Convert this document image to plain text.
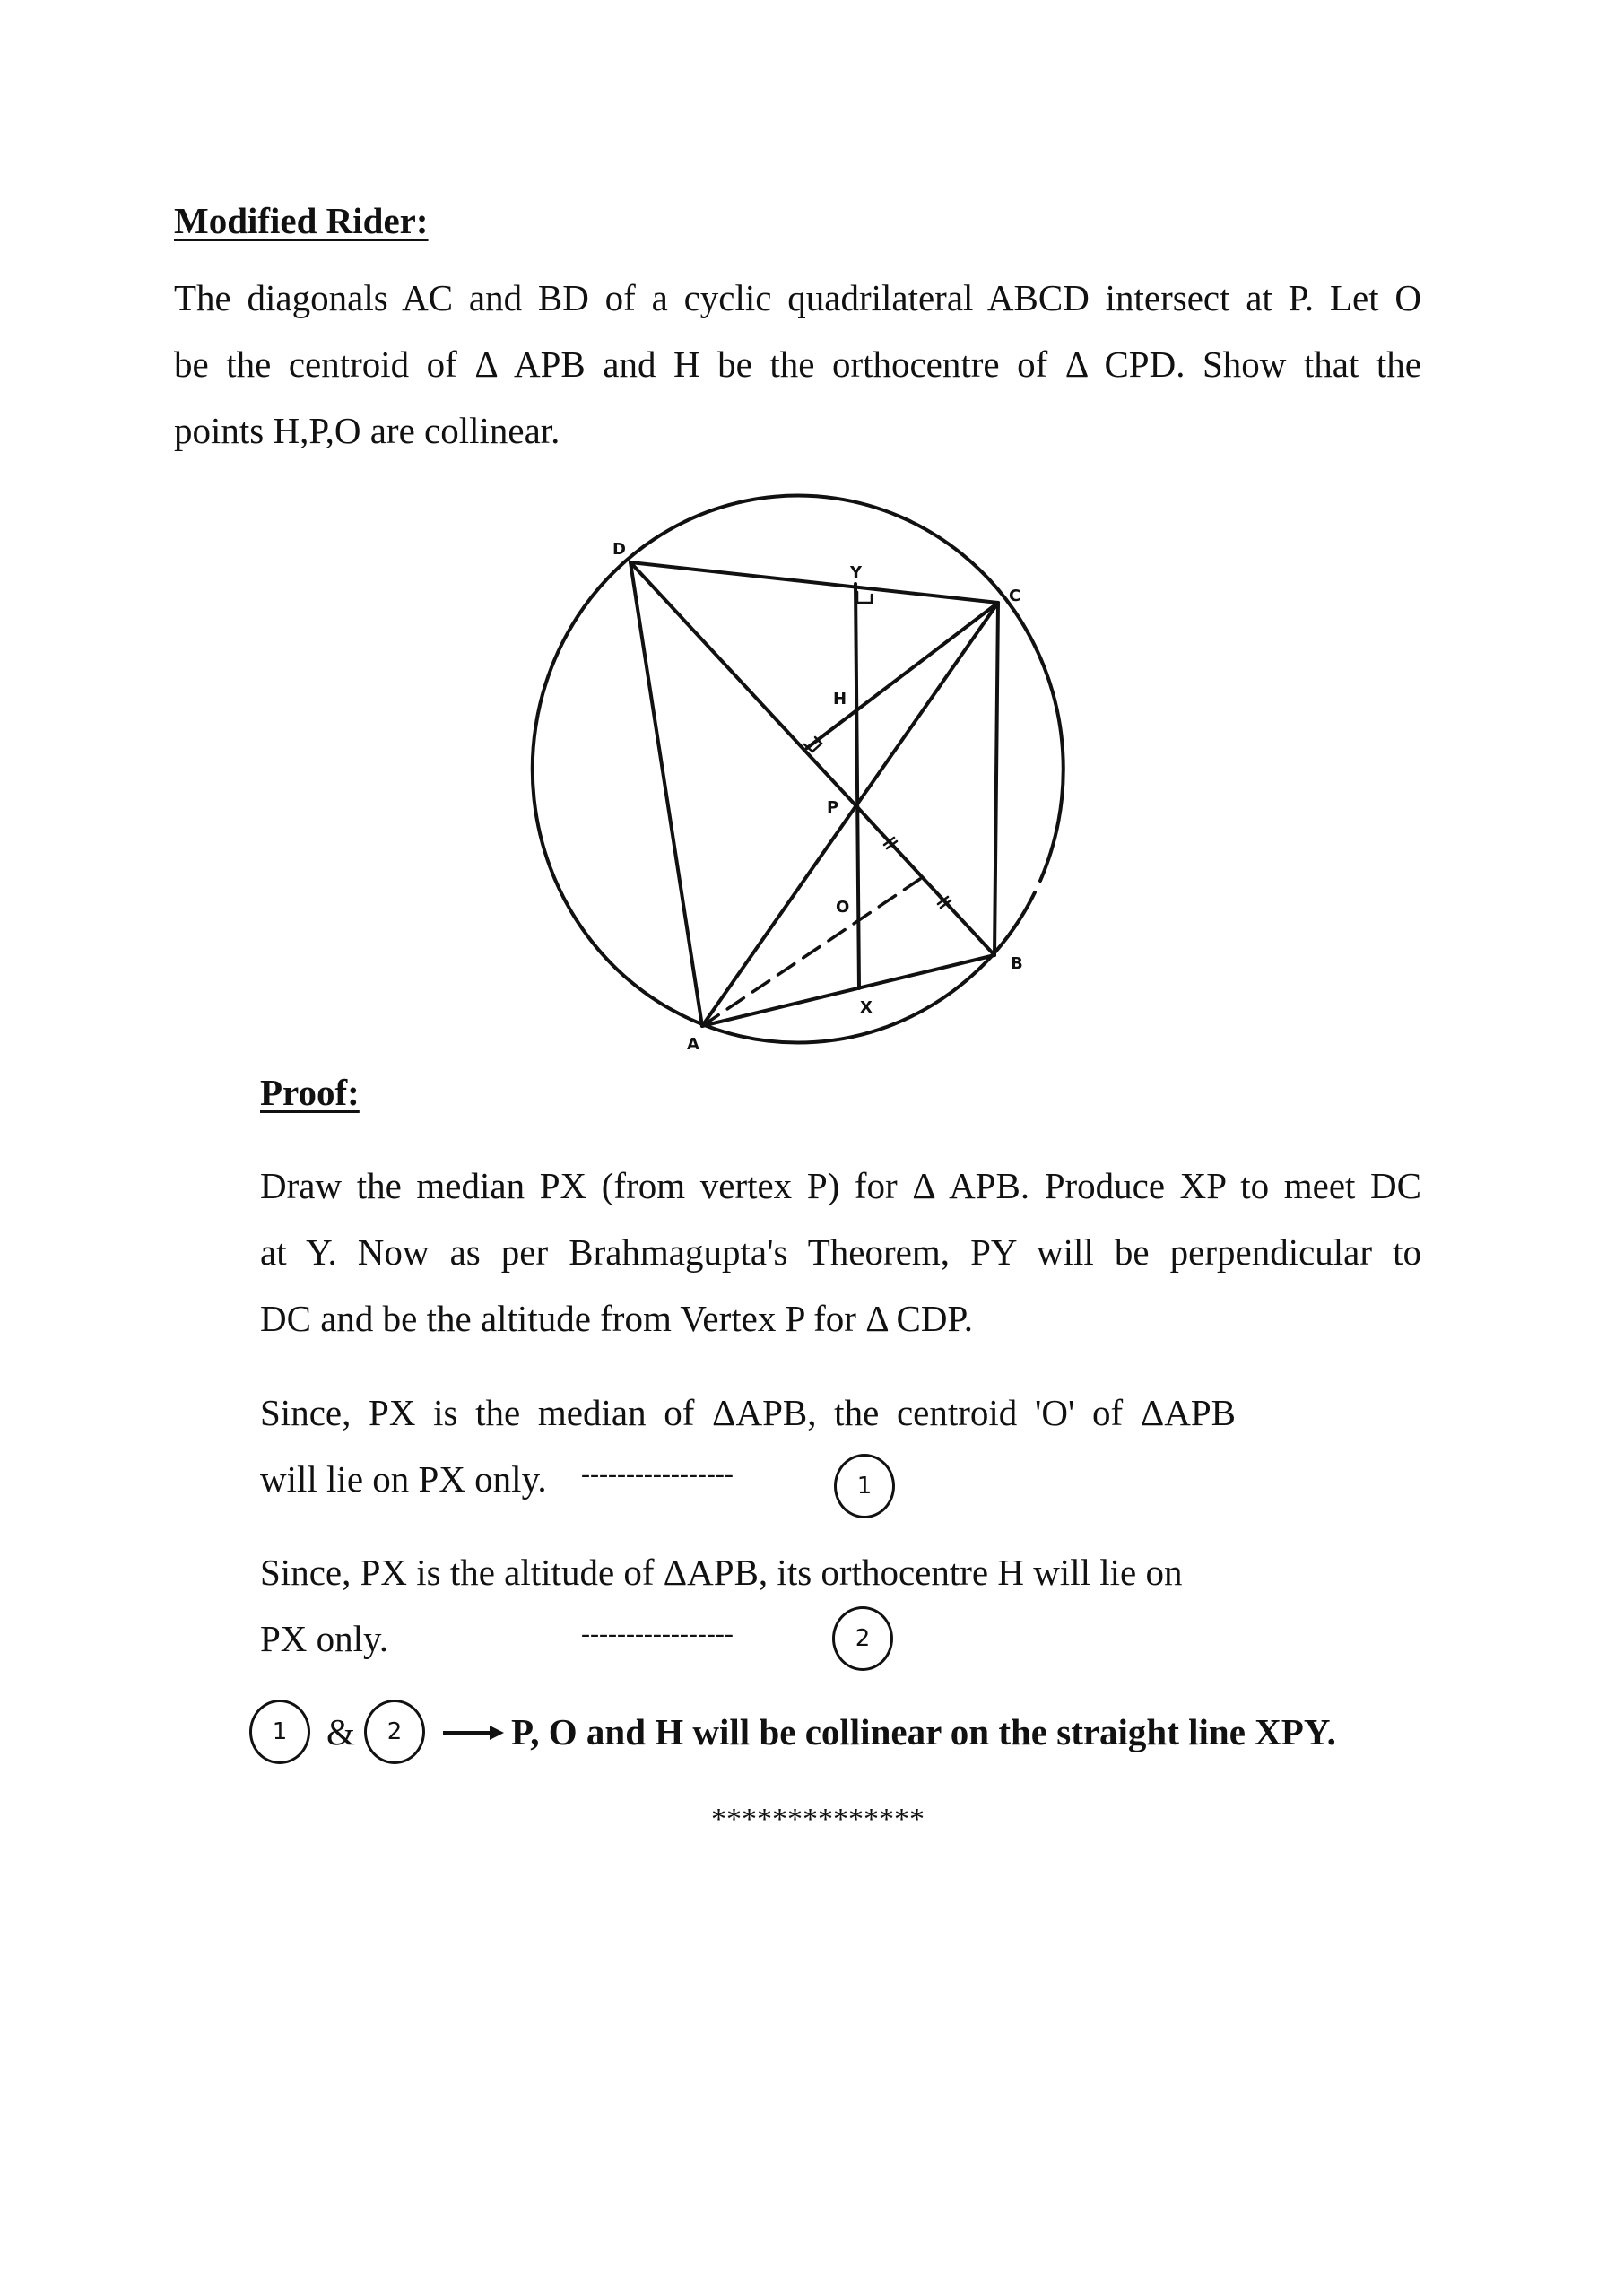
Modified Rider:
The diagonals AC and BD of a cyclic quadrilateral ABCD intersect at P. Let O
be the centroid of Δ APB and H be the orthocentre of Δ CPD. Show that the
points H,P,O are collinear.
D
Y
C
H
P
O
B
X
A
Proof:
Draw the median PX (from vertex P) for Δ APB. Produce XP to meet DC
at Y. Now as per Brahmagupta's Theorem, PY will be perpendicular to
DC and be the altitude from Vertex P for Δ CDP.
Since, PX is the median of ΔAPB, the centroid 'O' of ΔAPB
will lie on PX only. -----------------	1
Since, PX is the altitude of ΔAPB, its orthocentre H will lie on
PX only.	-----------------	2
1	&	2	P, O and H will be collinear on the straight line XPY.
**************
